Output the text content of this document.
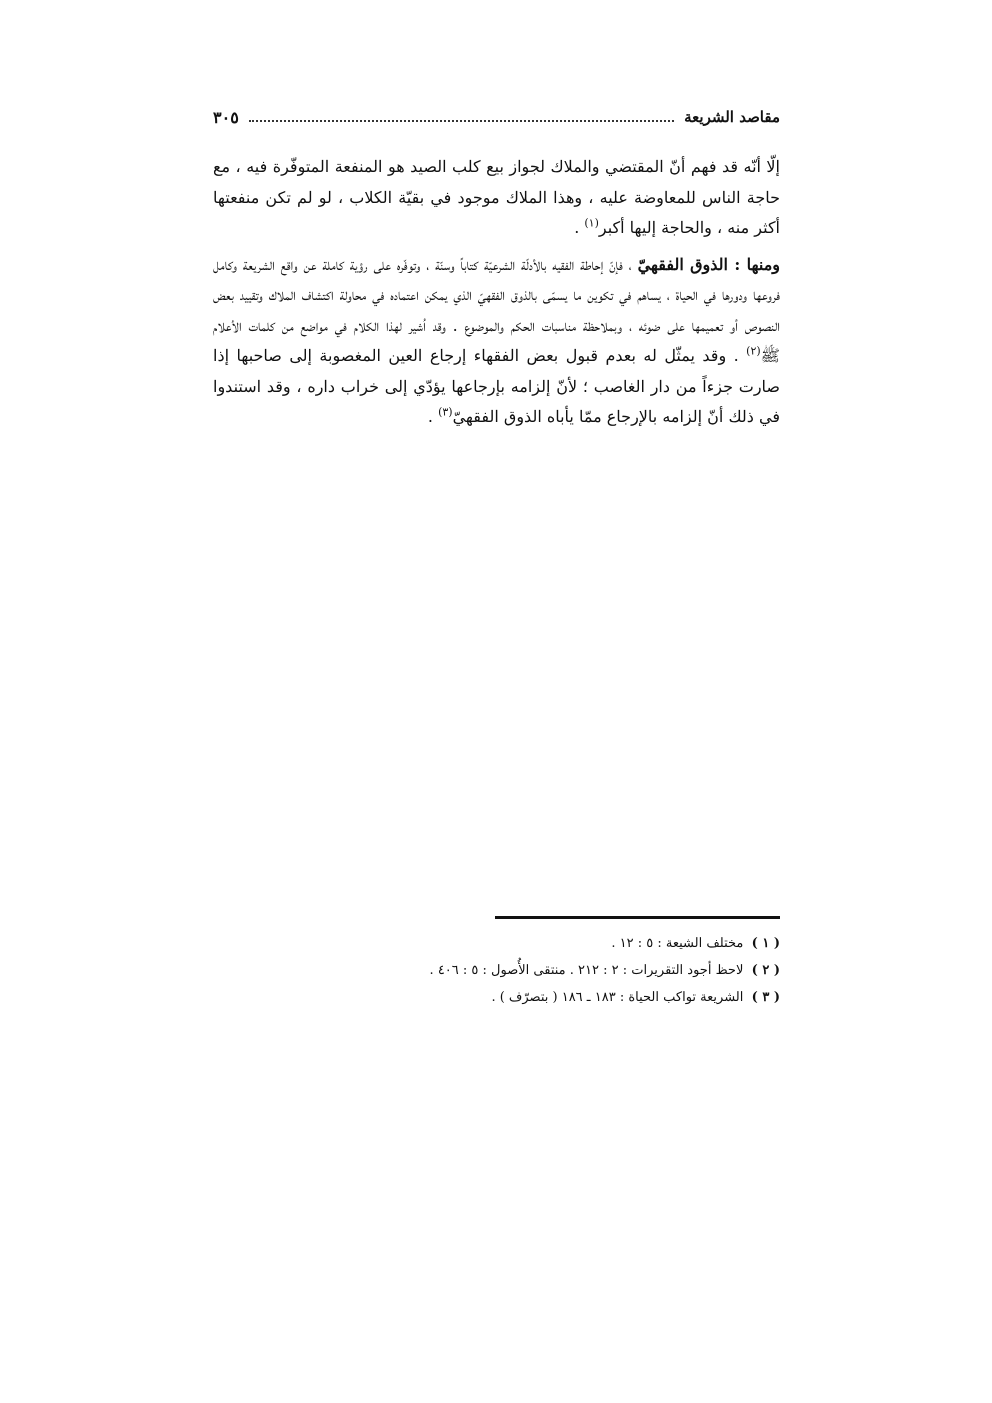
مقاصد الشريعة
٣٠٥

إلّا أنّه قد فهم أنّ المقتضي والملاك لجواز بيع كلب الصيد هو المنفعة المتوفّرة فيه ، مع حاجة الناس للمعاوضة عليه ، وهذا الملاك موجود في بقيّة الكلاب ، لو لم تكن منفعتها أكثر منه ، والحاجة إليها أكبر$^{(١)}$ .

ومنها : الذوق الفقهيّ ، فإنّ إحاطة الفقيه بالأدلّة الشرعيّة كتاباً وسنّة ، وتوفّره على رؤية كاملة عن واقع الشريعة وكامل فروعها ودورها في الحياة ، يساهم في تكوين ما يسمّى بالذوق الفقهيّ الذي يمكن اعتماده في محاولة اكتشاف الملاك وتقييد بعض النصوص أو تعميمها على ضوئه ، وبملاحظة مناسبات الحكم والموضوع . وقد اُشير لهذا الكلام في مواضع من كلمات الأعلام ﷺ$^{(٢)}$ . وقد يمثّل له بعدم قبول بعض الفقهاء إرجاع العين المغصوبة إلى صاحبها إذا صارت جزءاً من دار الغاصب ؛ لأنّ إلزامه بإرجاعها يؤدّي إلى خراب داره ، وقد استندوا في ذلك أنّ إلزامه بالإرجاع ممّا يأباه الذوق الفقهيّ$^{(٣)}$ .

( ١ )  مختلف الشيعة : ٥ : ١٢ .
( ٢ )  لاحظ أجود التقريرات : ٢ : ٢١٢ . منتقى الأُصول : ٥ : ٤٠٦ .
( ٣ )  الشريعة تواكب الحياة : ١٨٣ ـ ١٨٦ ( بتصرّف ) .
